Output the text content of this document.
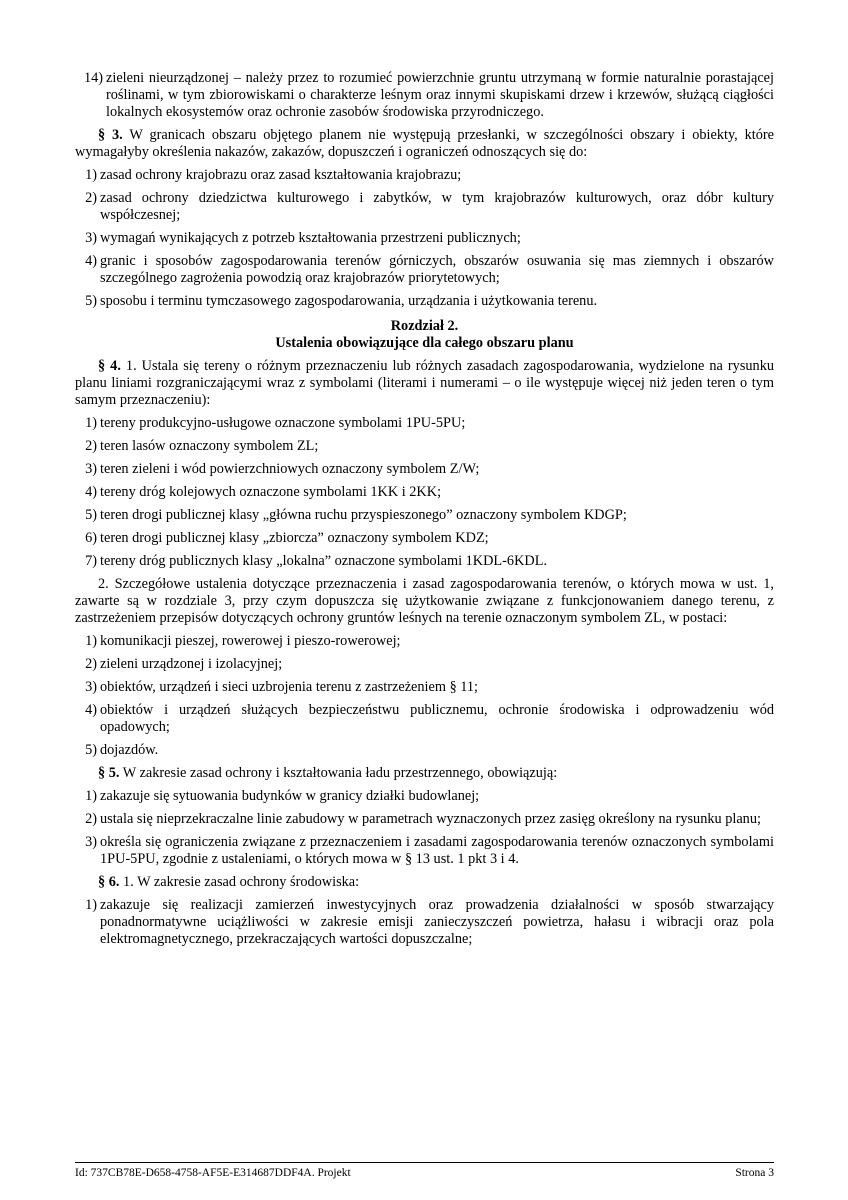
14) zieleni nieurządzonej – należy przez to rozumieć powierzchnie gruntu utrzymaną w formie naturalnie porastającej roślinami, w tym zbiorowiskami o charakterze leśnym oraz innymi skupiskami drzew i krzewów, służącą ciągłości lokalnych ekosystemów oraz ochronie zasobów środowiska przyrodniczego.

§ 3. W granicach obszaru objętego planem nie występują przesłanki, w szczególności obszary i obiekty, które wymagałyby określenia nakazów, zakazów, dopuszczeń i ograniczeń odnoszących się do:

1) zasad ochrony krajobrazu oraz zasad kształtowania krajobrazu;
2) zasad ochrony dziedzictwa kulturowego i zabytków, w tym krajobrazów kulturowych, oraz dóbr kultury współczesnej;
3) wymagań wynikających z potrzeb kształtowania przestrzeni publicznych;
4) granic i sposobów zagospodarowania terenów górniczych, obszarów osuwania się mas ziemnych i obszarów szczególnego zagrożenia powodzią oraz krajobrazów priorytetowych;
5) sposobu i terminu tymczasowego zagospodarowania, urządzania i użytkowania terenu.
Rozdział 2.
Ustalenia obowiązujące dla całego obszaru planu

§ 4. 1. Ustala się tereny o różnym przeznaczeniu lub różnych zasadach zagospodarowania, wydzielone na rysunku planu liniami rozgraniczającymi wraz z symbolami (literami i numerami – o ile występuje więcej niż jeden teren o tym samym przeznaczeniu):

1) tereny produkcyjno-usługowe oznaczone symbolami 1PU-5PU;
2) teren lasów oznaczony symbolem ZL;
3) teren zieleni i wód powierzchniowych oznaczony symbolem Z/W;
4) tereny dróg kolejowych oznaczone symbolami 1KK i 2KK;
5) teren drogi publicznej klasy „główna ruchu przyspieszonego” oznaczony symbolem KDGP;
6) teren drogi publicznej klasy „zbiorcza” oznaczony symbolem KDZ;
7) tereny dróg publicznych klasy „lokalna” oznaczone symbolami 1KDL-6KDL.

2. Szczegółowe ustalenia dotyczące przeznaczenia i zasad zagospodarowania terenów, o których mowa w ust. 1, zawarte są w rozdziale 3, przy czym dopuszcza się użytkowanie związane z funkcjonowaniem danego terenu, z zastrzeżeniem przepisów dotyczących ochrony gruntów leśnych na terenie oznaczonym symbolem ZL, w postaci:

1) komunikacji pieszej, rowerowej i pieszo-rowerowej;
2) zieleni urządzonej i izolacyjnej;
3) obiektów, urządzeń i sieci uzbrojenia terenu z zastrzeżeniem § 11;
4) obiektów i urządzeń służących bezpieczeństwu publicznemu, ochronie środowiska i odprowadzeniu wód opadowych;
5) dojazdów.

§ 5. W zakresie zasad ochrony i kształtowania ładu przestrzennego, obowiązują:

1) zakazuje się sytuowania budynków w granicy działki budowlanej;
2) ustala się nieprzekraczalne linie zabudowy w parametrach wyznaczonych przez zasięg określony na rysunku planu;
3) określa się ograniczenia związane z przeznaczeniem i zasadami zagospodarowania terenów oznaczonych symbolami 1PU-5PU, zgodnie z ustaleniami, o których mowa w § 13 ust. 1 pkt 3 i 4.

§ 6. 1. W zakresie zasad ochrony środowiska:

1) zakazuje się realizacji zamierzeń inwestycyjnych oraz prowadzenia działalności w sposób stwarzający ponadnormatywne uciążliwości w zakresie emisji zanieczyszczeń powietrza, hałasu i wibracji oraz pola elektromagnetycznego, przekraczających wartości dopuszczalne;
Id: 737CB78E-D658-4758-AF5E-E314687DDF4A. Projekt	Strona 3
